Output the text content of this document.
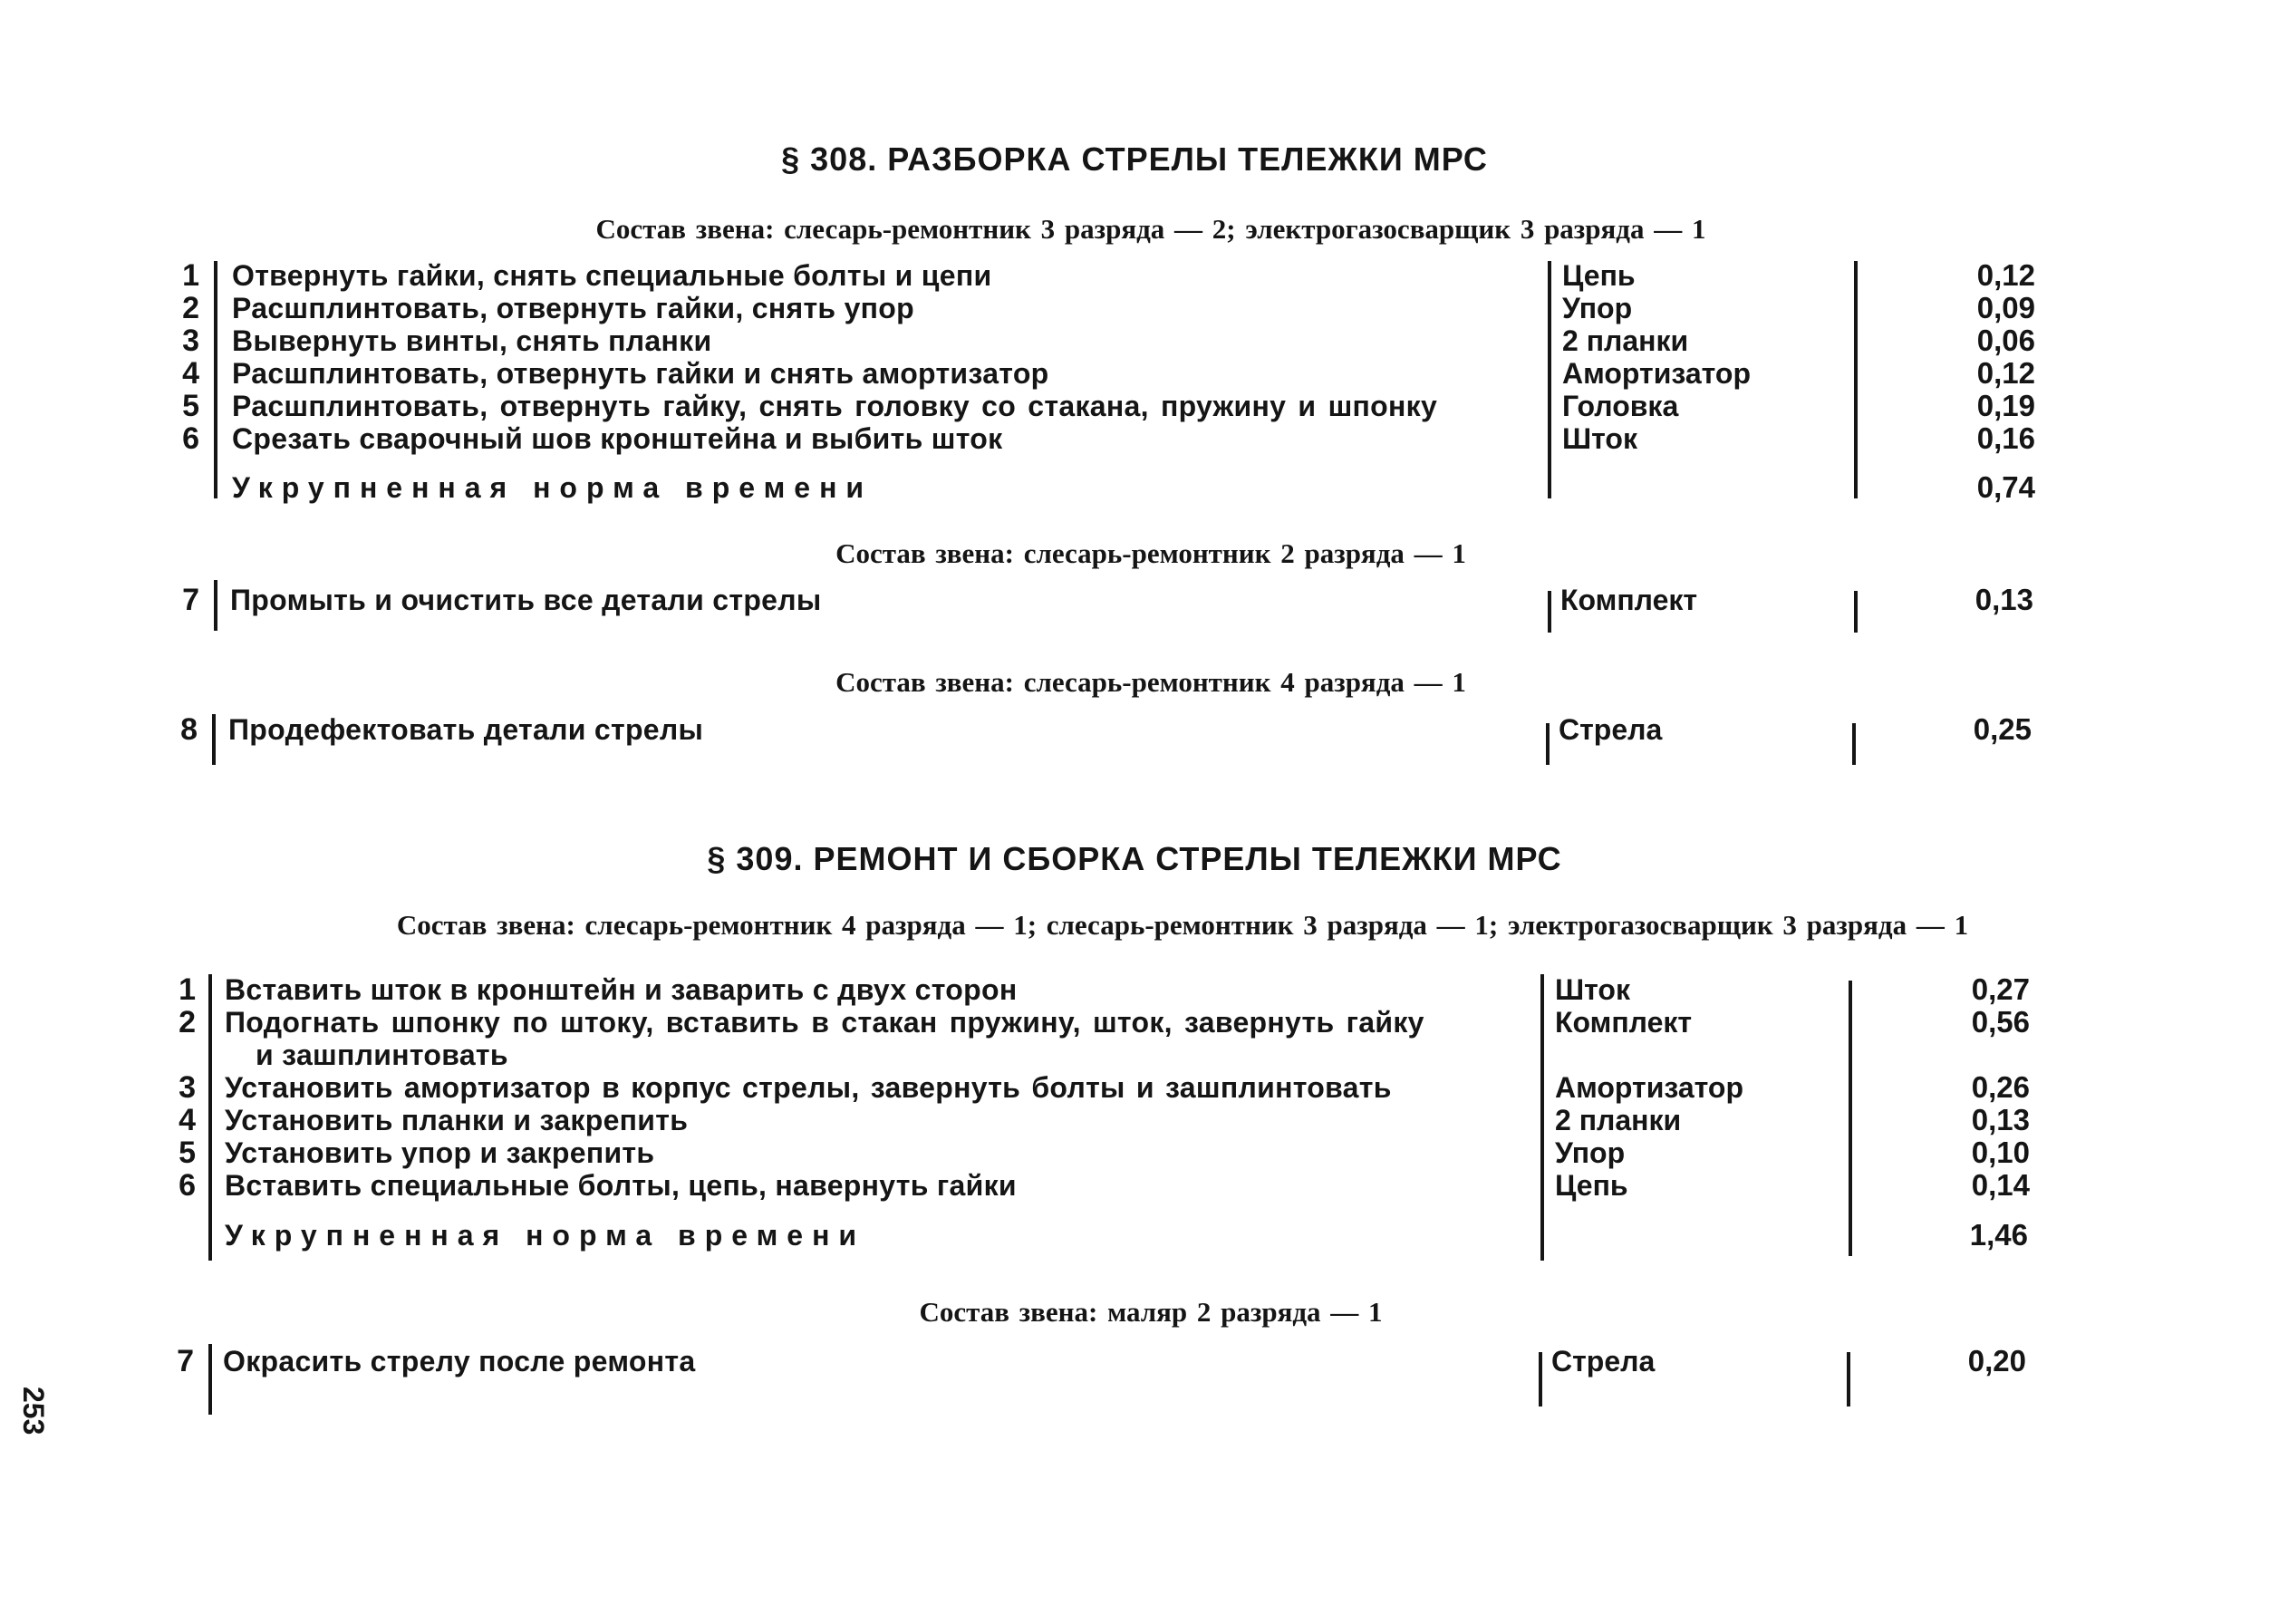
§ 308. РАЗБОРКА СТРЕЛЫ ТЕЛЕЖКИ МРС
Состав звена: слесарь-ремонтник 3 разряда — 2; электрогазосварщик 3 разряда — 1
1 Отвернуть гайки, снять специальные болты и цепи	Цепь	0,12
2 Расшплинтовать, отвернуть гайки, снять упор	Упор	0,09
3 Вывернуть винты, снять планки	2 планки	0,06
4 Расшплинтовать, отвернуть гайки и снять амортизатор	Амортизатор	0,12
5 Расшплинтовать, отвернуть гайку, снять головку со стакана, пружину и шпонку	Головка	0,19
6 Срезать сварочный шов кронштейна и выбить шток	Шток	0,16
Укрупненная норма времени	0,74
Состав звена: слесарь-ремонтник 2 разряда — 1
7 Промыть и очистить все детали стрелы	Комплект	0,13
Состав звена: слесарь-ремонтник 4 разряда — 1
8 Продефектовать детали стрелы	Стрела	0,25
§ 309. РЕМОНТ И СБОРКА СТРЕЛЫ ТЕЛЕЖКИ МРС
Состав звена: слесарь-ремонтник 4 разряда — 1; слесарь-ремонтник 3 разряда — 1; электрогазосварщик 3 разряда — 1
1 Вставить шток в кронштейн и заварить с двух сторон	Шток	0,27
2 Подогнать шпонку по штоку, вставить в стакан пружину, шток, завернуть гайку	Комплект	0,56
и зашплинтовать
3 Установить амортизатор в корпус стрелы, завернуть болты и зашплинтовать	Амортизатор	0,26
4 Установить планки и закрепить	2 планки	0,13
5 Установить упор и закрепить	Упор	0,10
6 Вставить специальные болты, цепь, навернуть гайки	Цепь	0,14
Укрупненная норма времени	1,46
Состав звена: маляр 2 разряда — 1
7 Окрасить стрелу после ремонта	Стрела	0,20
253
